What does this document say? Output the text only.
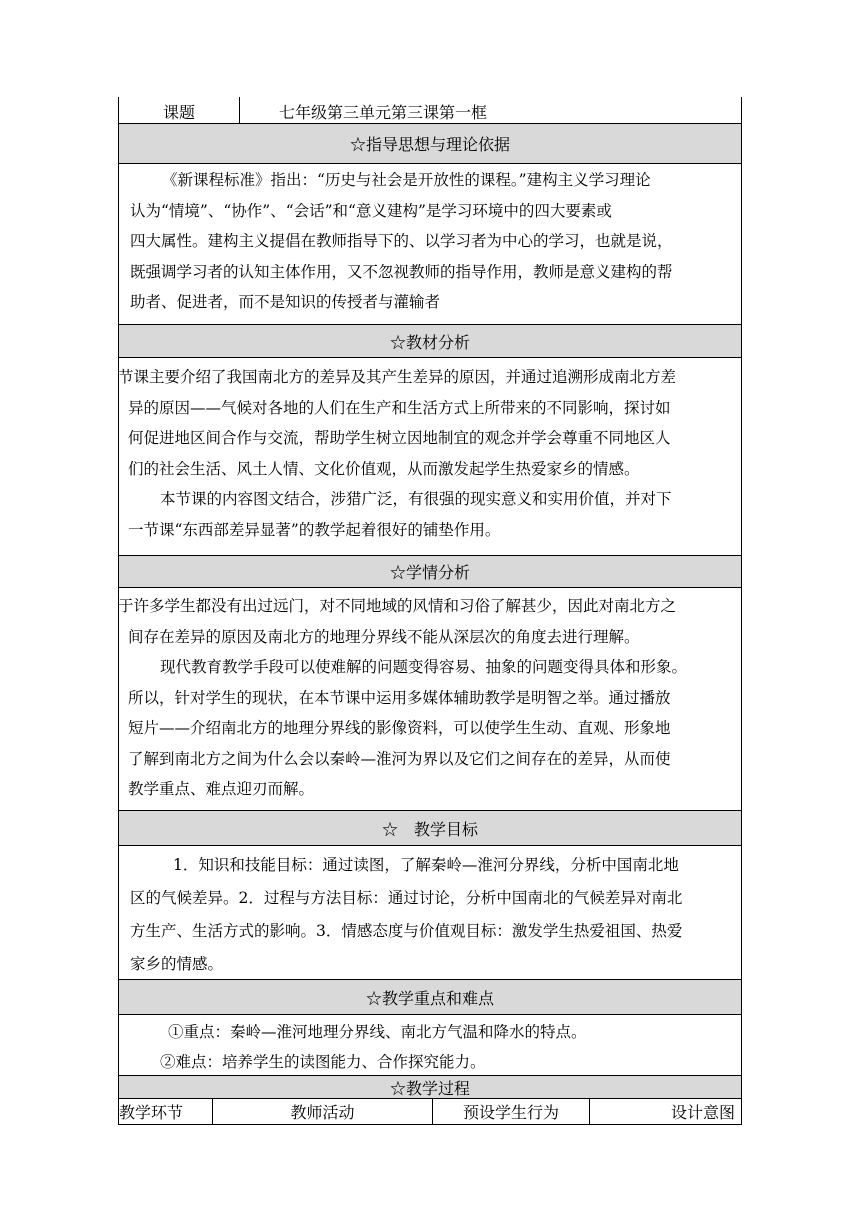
课题	七年级第三单元第三课第一框
☆指导思想与理论依据

《新课程标准》指出：“历史与社会是开放性的课程。”建构主义学习理论

认为“情境”、“协作”、“会话”和“意义建构”是学习环境中的四大要素或

四大属性。建构主义提倡在教师指导下的、以学习者为中心的学习，也就是说，

既强调学习者的认知主体作用，又不忽视教师的指导作用，教师是意义建构的帮

助者、促进者，而不是知识的传授者与灌输者

☆教材分析

节课主要介绍了我国南北方的差异及其产生差异的原因，并通过追溯形成南北方差

异的原因——气候对各地的人们在生产和生活方式上所带来的不同影响，探讨如

何促进地区间合作与交流，帮助学生树立因地制宜的观念并学会尊重不同地区人

们的社会生活、风土人情、文化价值观，从而激发起学生热爱家乡的情感。

本节课的内容图文结合，涉猎广泛，有很强的现实意义和实用价值，并对下

一节课“东西部差异显著”的教学起着很好的铺垫作用。

☆学情分析

于许多学生都没有出过远门，对不同地域的风情和习俗了解甚少，因此对南北方之

间存在差异的原因及南北方的地理分界线不能从深层次的角度去进行理解。

现代教育教学手段可以使难解的问题变得容易、抽象的问题变得具体和形象。

所以，针对学生的现状，在本节课中运用多媒体辅助教学是明智之举。通过播放

短片——介绍南北方的地理分界线的影像资料，可以使学生生动、直观、形象地

了解到南北方之间为什么会以秦岭—淮河为界以及它们之间存在的差异，从而使

教学重点、难点迎刃而解。

☆　教学目标

1．知识和技能目标：通过读图，了解秦岭—淮河分界线，分析中国南北地

区的气候差异。2．过程与方法目标：通过讨论，分析中国南北的气候差异对南北

方生产、生活方式的影响。3．情感态度与价值观目标：激发学生热爱祖国、热爱

家乡的情感。

☆教学重点和难点

①重点：秦岭—淮河地理分界线、南北方气温和降水的特点。

②难点：培养学生的读图能力、合作探究能力。

☆教学过程
教学环节	教师活动	预设学生行为	设计意图
